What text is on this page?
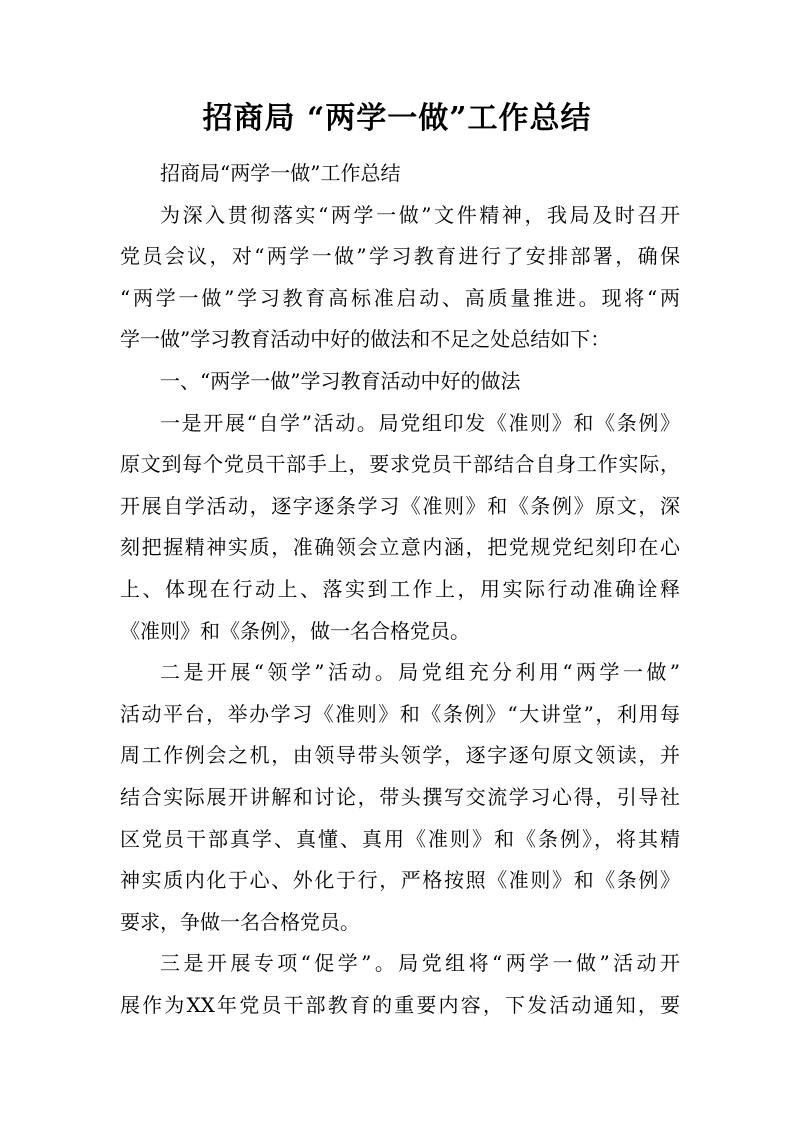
招商局 “两学一做”工作总结
招商局“两学一做”工作总结
为深入贯彻落实“两学一做”文件精神，我局及时召开
党员会议，对“两学一做”学习教育进行了安排部署，确保
“两学一做”学习教育高标准启动、高质量推进。现将“两
学一做”学习教育活动中好的做法和不足之处总结如下：
一、“两学一做”学习教育活动中好的做法
一是开展“自学”活动。局党组印发《准则》和《条例》
原文到每个党员干部手上，要求党员干部结合自身工作实际，
开展自学活动，逐字逐条学习《准则》和《条例》原文，深
刻把握精神实质，准确领会立意内涵，把党规党纪刻印在心
上、体现在行动上、落实到工作上，用实际行动准确诠释
《准则》和《条例》，做一名合格党员。
二是开展“领学”活动。局党组充分利用“两学一做”
活动平台，举办学习《准则》和《条例》“大讲堂”，利用每
周工作例会之机，由领导带头领学，逐字逐句原文领读，并
结合实际展开讲解和讨论，带头撰写交流学习心得，引导社
区党员干部真学、真懂、真用《准则》和《条例》，将其精
神实质内化于心、外化于行，严格按照《准则》和《条例》
要求，争做一名合格党员。
三是开展专项“促学”。局党组将“两学一做”活动开
展作为XX年党员干部教育的重要内容，下发活动通知，要
